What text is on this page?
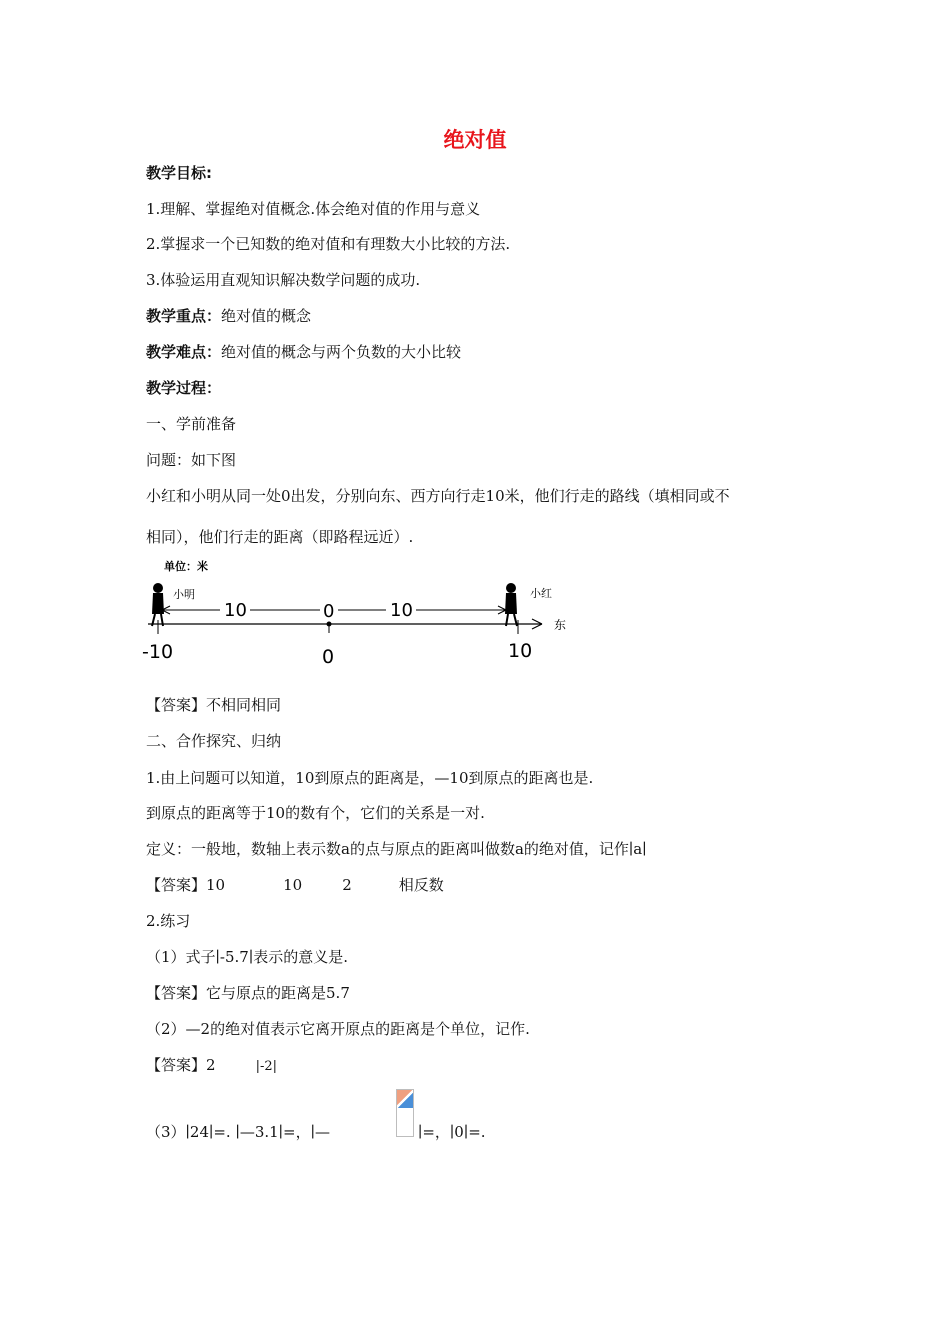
绝对值
教学目标:
1.理解、掌握绝对值概念.体会绝对值的作用与意义
2.掌握求一个已知数的绝对值和有理数大小比较的方法.
3.体验运用直观知识解决数学问题的成功.
教学重点：绝对值的概念
教学难点：绝对值的概念与两个负数的大小比较
教学过程：
一、学前准备
问题：如下图
小红和小明从同一处0出发，分别向东、西方向行走10米，他们行走的路线（填相同或不
相同），他们行走的距离（即路程远近）.
单位：米
小明	小红
10	0	10
东
-10	0	10
【答案】不相同相同
二、合作探究、归纳
1.由上问题可以知道，10到原点的距离是，—10到原点的距离也是.
到原点的距离等于10的数有个，它们的关系是一对.
定义：一般地，数轴上表示数a的点与原点的距离叫做数a的绝对值，记作∣a∣
【答案】10	10	2	相反数
2.练习
（1）式子∣-5.7∣表示的意义是.
【答案】它与原点的距离是5.7
（2）—2的绝对值表示它离开原点的距离是个单位，记作.
【答案】2	|-2|
（3）∣24∣=. ∣—3.1∣=，∣—	∣=，∣0∣=.
